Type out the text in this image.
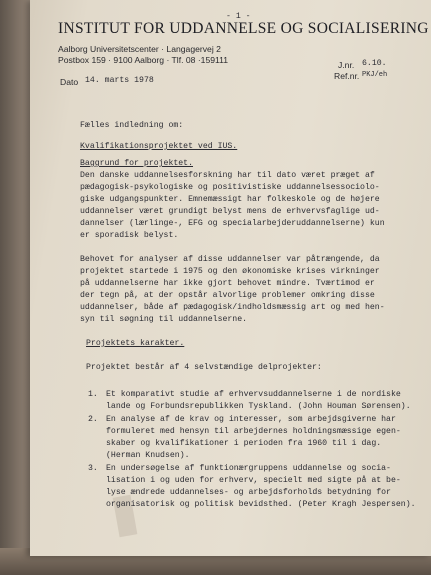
- 1 -
INSTITUT FOR UDDANNELSE OG SOCIALISERING
Aalborg Universitetscenter · Langagervej 2
Postbox 159 · 9100 Aalborg · Tlf. 08 ·159111	J.nr. 6.10.
Ref.nr. PKJ/eh
Dato 14. marts 1978
Fælles indledning om:
Kvalifikationsprojektet ved IUS.
Baggrund for projektet.
Den danske uddannelsesforskning har til dato været præget af
pædagogisk-psykologiske og positivistiske uddannelsessociolo-
giske udgangspunkter. Emnemæssigt har folkeskole og de højere
uddannelser været grundigt belyst mens de erhvervsfaglige ud-
dannelser (lærlinge-, EFG og specialarbejderuddannelserne) kun
er sporadisk belyst.
Behovet for analyser af disse uddannelser var påtrængende, da
projektet startede i 1975 og den økonomiske krises virkninger
på uddannelserne har ikke gjort behovet mindre. Tværtimod er
der tegn på, at der opstår alvorlige problemer omkring disse
uddannelser, både af pædagogisk/indholdsmæssig art og med hen-
syn til søgning til uddannelserne.
Projektets karakter.
Projektet består af 4 selvstændige delprojekter:
1. Et komparativt studie af erhvervsuddannelserne i de nordiske
lande og Forbundsrepublikken Tyskland. (John Houman Sørensen).
2. En analyse af de krav og interesser, som arbejdsgiverne har
formuleret med hensyn til arbejdernes holdningsmæssige egen-
skaber og kvalifikationer i perioden fra 1960 til i dag.
(Herman Knudsen).
3. En undersøgelse af funktionærgruppens uddannelse og socia-
lisation i og uden for erhverv, specielt med sigte på at be-
lyse ændrede uddannelses- og arbejdsforholds betydning for
organisatorisk og politisk bevidsthed. (Peter Kragh Jespersen).
